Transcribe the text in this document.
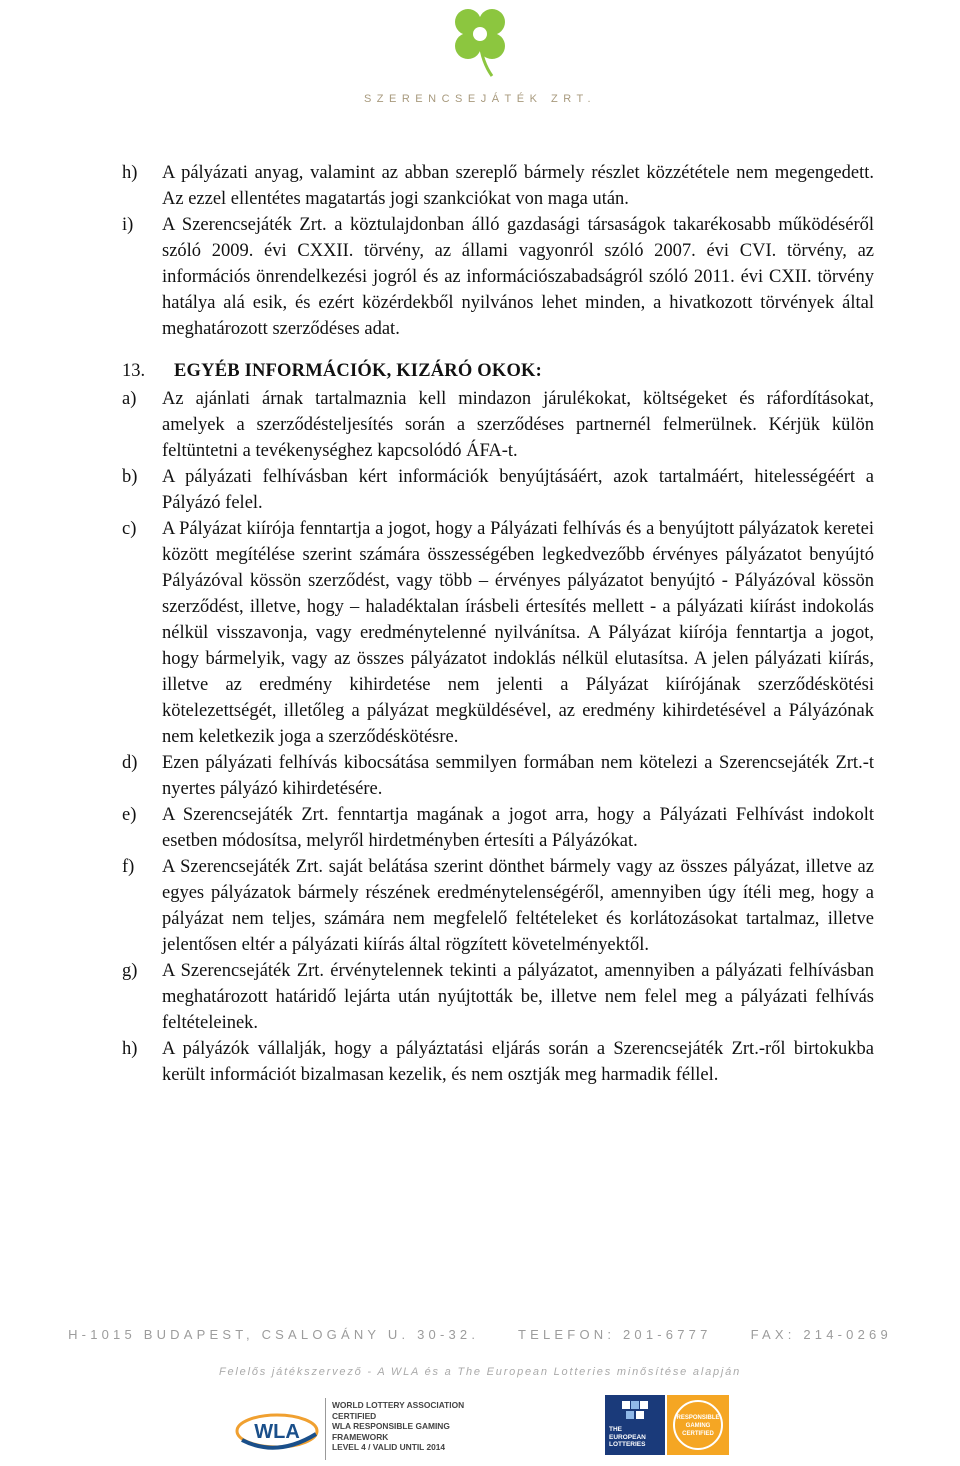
SZERENCSEJÁTÉK ZRT.
h)	A pályázati anyag, valamint az abban szereplő bármely részlet közzététele nem megengedett. Az ezzel ellentétes magatartás jogi szankciókat von maga után.
i)	A Szerencsejáték Zrt. a köztulajdonban álló gazdasági társaságok takarékosabb működéséről szóló 2009. évi CXXII. törvény, az állami vagyonról szóló 2007. évi CVI. törvény, az információs önrendelkezési jogról és az információszabadságról szóló 2011. évi CXII. törvény hatálya alá esik, és ezért közérdekből nyilvános lehet minden, a hivatkozott törvények által meghatározott szerződéses adat.
13.	EGYÉB INFORMÁCIÓK, KIZÁRÓ OKOK:
a)	Az ajánlati árnak tartalmaznia kell mindazon járulékokat, költségeket és ráfordításokat, amelyek a szerződésteljesítés során a szerződéses partnernél felmerülnek. Kérjük külön feltüntetni a tevékenységhez kapcsolódó ÁFA-t.
b)	A pályázati felhívásban kért információk benyújtásáért, azok tartalmáért, hitelességéért a Pályázó felel.
c)	A Pályázat kiírója fenntartja a jogot, hogy a Pályázati felhívás és a benyújtott pályázatok keretei között megítélése szerint számára összességében legkedvezőbb érvényes pályázatot benyújtó Pályázóval kössön szerződést, vagy több – érvényes pályázatot benyújtó - Pályázóval kössön szerződést, illetve, hogy – haladéktalan írásbeli értesítés mellett - a pályázati kiírást indokolás nélkül visszavonja, vagy eredménytelenné nyilvánítsa. A Pályázat kiírója fenntartja a jogot, hogy bármelyik, vagy az összes pályázatot indoklás nélkül elutasítsa. A jelen pályázati kiírás, illetve az eredmény kihirdetése nem jelenti a Pályázat kiírójának szerződéskötési kötelezettségét, illetőleg a pályázat megküldésével, az eredmény kihirdetésével a Pályázónak nem keletkezik joga a szerződéskötésre.
d)	Ezen pályázati felhívás kibocsátása semmilyen formában nem kötelezi a Szerencsejáték Zrt.-t nyertes pályázó kihirdetésére.
e)	A Szerencsejáték Zrt. fenntartja magának a jogot arra, hogy a Pályázati Felhívást indokolt esetben módosítsa, melyről hirdetményben értesíti a Pályázókat.
f)	A Szerencsejáték Zrt. saját belátása szerint dönthet bármely vagy az összes pályázat, illetve az egyes pályázatok bármely részének eredménytelenségéről, amennyiben úgy ítéli meg, hogy a pályázat nem teljes, számára nem megfelelő feltételeket és korlátozásokat tartalmaz, illetve jelentősen eltér a pályázati kiírás által rögzített követelményektől.
g)	A Szerencsejáték Zrt. érvénytelennek tekinti a pályázatot, amennyiben a pályázati felhívásban meghatározott határidő lejárta után nyújtották be, illetve nem felel meg a pályázati felhívás feltételeinek.
h)	A pályázók vállalják, hogy a pályáztatási eljárás során a Szerencsejáték Zrt.-ről birtokukba került információt bizalmasan kezelik, és nem osztják meg harmadik féllel.
H-1015 BUDAPEST, CSALOGÁNY U. 30-32.	TELEFON: 201-6777	FAX: 214-0269
Felelős játékszervező - A WLA és a The European Lotteries minősítése alapján
WLA
WORLD LOTTERY ASSOCIATION
CERTIFIED
WLA RESPONSIBLE GAMING
FRAMEWORK
LEVEL 4 / VALID UNTIL 2014
THE
EUROPEAN
LOTTERIES
RESPONSIBLE
GAMING
CERTIFIED
